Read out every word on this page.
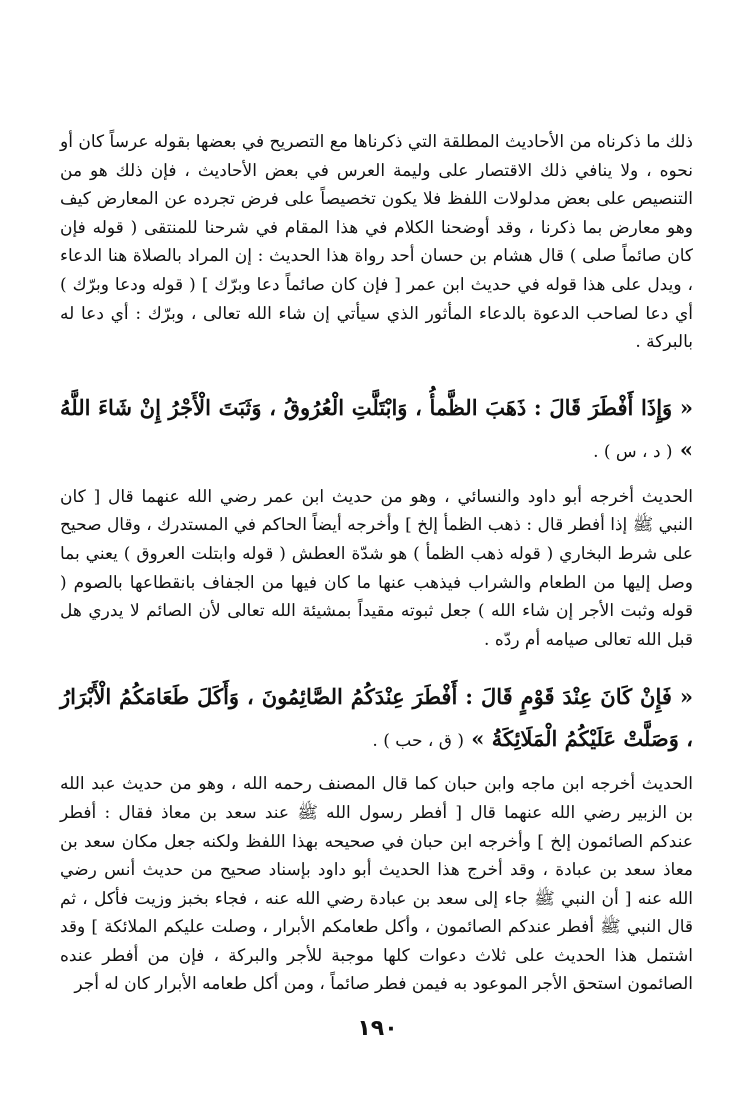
ذلك ما ذكرناه من الأحاديث المطلقة التي ذكرناها مع التصريح في بعضها بقوله عرساً كان أو نحوه ، ولا ينافي ذلك الاقتصار على وليمة العرس في بعض الأحاديث ، فإن ذلك هو من التنصيص على بعض مدلولات اللفظ فلا يكون تخصيصاً على فرض تجرده عن المعارض كيف وهو معارض بما ذكرنا ، وقد أوضحنا الكلام في هذا المقام في شرحنا للمنتقى ( قوله فإن كان صائماً صلى ) قال هشام بن حسان أحد رواة هذا الحديث : إن المراد بالصلاة هنا الدعاء ، ويدل على هذا قوله في حديث ابن عمر [ فإن كان صائماً دعا وبرّك ] ( قوله ودعا وبرّك ) أي دعا لصاحب الدعوة بالدعاء المأثور الذي سيأتي إن شاء الله تعالى ، وبرّك : أي دعا له بالبركة .

« وَإِذَا أَفْطَرَ قَالَ : ذَهَبَ الظَّمأُ ، وَابْتَلَّتِ الْعُرُوقُ ، وَثَبَتَ الْأَجْرُ إِنْ شَاءَ اللَّهُ » ( د ، س ) .

الحديث أخرجه أبو داود والنسائي ، وهو من حديث ابن عمر رضي الله عنهما قال [ كان النبي ﷺ إذا أفطر قال : ذهب الظمأ إلخ ] وأخرجه أيضاً الحاكم في المستدرك ، وقال صحيح على شرط البخاري ( قوله ذهب الظمأ ) هو شدّة العطش ( قوله وابتلت العروق ) يعني بما وصل إليها من الطعام والشراب فيذهب عنها ما كان فيها من الجفاف بانقطاعها بالصوم ( قوله وثبت الأجر إن شاء الله ) جعل ثبوته مقيداً بمشيئة الله تعالى لأن الصائم لا يدري هل قبل الله تعالى صيامه أم ردّه .

« فَإِنْ كَانَ عِنْدَ قَوْمٍ قَالَ : أَفْطَرَ عِنْدَكُمُ الصَّائِمُونَ ، وَأَكَلَ طَعَامَكُمُ الْأَبْرَارُ ، وَصَلَّتْ عَلَيْكُمُ الْمَلَائِكَةُ » ( ق ، حب ) .

الحديث أخرجه ابن ماجه وابن حبان كما قال المصنف رحمه الله ، وهو من حديث عبد الله بن الزبير رضي الله عنهما قال [ أفطر رسول الله ﷺ عند سعد بن معاذ فقال : أفطر عندكم الصائمون إلخ ] وأخرجه ابن حبان في صحيحه بهذا اللفظ ولكنه جعل مكان سعد بن معاذ سعد بن عبادة ، وقد أخرج هذا الحديث أبو داود بإسناد صحيح من حديث أنس رضي الله عنه [ أن النبي ﷺ جاء إلى سعد بن عبادة رضي الله عنه ، فجاء بخبز وزيت فأكل ، ثم قال النبي ﷺ أفطر عندكم الصائمون ، وأكل طعامكم الأبرار ، وصلت عليكم الملائكة ] وقد اشتمل هذا الحديث على ثلاث دعوات كلها موجبة للأجر والبركة ، فإن من أفطر عنده الصائمون استحق الأجر الموعود به فيمن فطر صائماً ، ومن أكل طعامه الأبرار كان له أجر

١٩٠
